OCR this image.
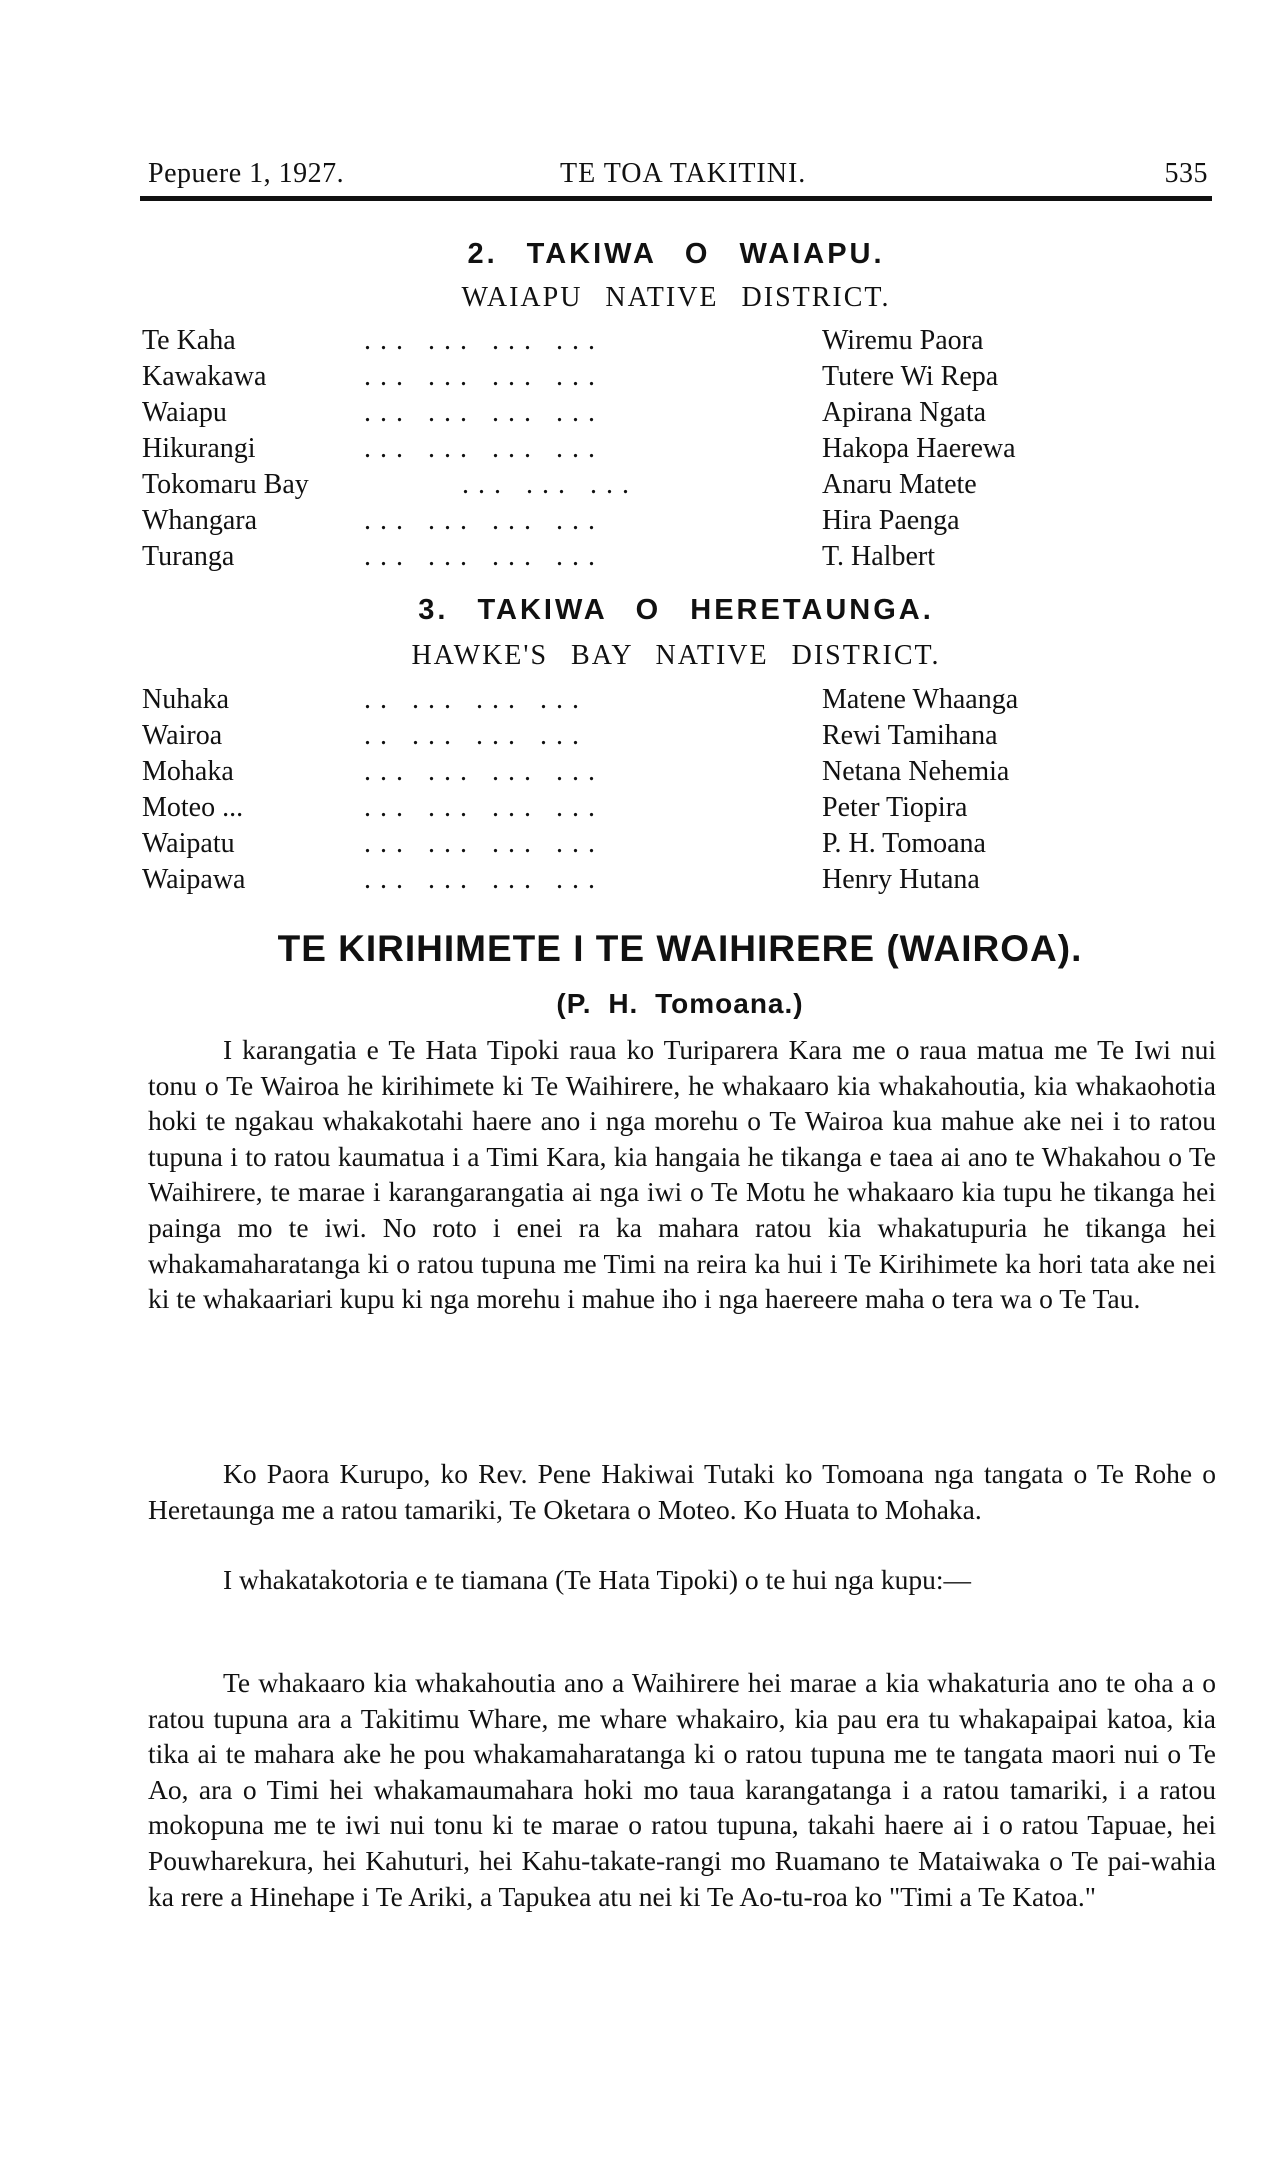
Pepuere 1, 1927.	TE TOA TAKITINI.	535
2. TAKIWA O WAIAPU.
WAIAPU NATIVE DISTRICT.
Te Kaha	... ... ... ...	Wiremu Paora
Kawakawa	... ... ... ...	Tutere Wi Repa
Waiapu	... ... ... ...	Apirana Ngata
Hikurangi	... ... ... ...	Hakopa Haerewa
Tokomaru Bay	... ... ...	Anaru Matete
Whangara	... ... ... ...	Hira Paenga
Turanga	... ... ... ...	T. Halbert
3. TAKIWA O HERETAUNGA.
HAWKE'S BAY NATIVE DISTRICT.
Nuhaka	.. ... ... ...	Matene Whaanga
Wairoa	.. ... ... ...	Rewi Tamihana
Mohaka	... ... ... ...	Netana Nehemia
Moteo ...	... ... ... ...	Peter Tiopira
Waipatu	... ... ... ...	P. H. Tomoana
Waipawa	... ... ... ...	Henry Hutana
TE KIRIHIMETE I TE WAIHIRERE (WAIROA).
(P. H. Tomoana.)

I karangatia e Te Hata Tipoki raua ko Turiparera Kara me o raua matua me Te Iwi nui tonu o Te Wairoa he kirihimete ki Te Waihirere, he whakaaro kia whakahoutia, kia whakaohotia hoki te ngakau whakakotahi haere ano i nga morehu o Te Wairoa kua mahue ake nei i to ratou tupuna i to ratou kaumatua i a Timi Kara, kia hangaia he tikanga e taea ai ano te Whakahou o Te Waihirere, te marae i karangarangatia ai nga iwi o Te Motu he whakaaro kia tupu he tikanga hei painga mo te iwi. No roto i enei ra ka mahara ratou kia whakatupuria he tikanga hei whakamaharatanga ki o ratou tupuna me Timi na reira ka hui i Te Kirihimete ka hori tata ake nei ki te whakaariari kupu ki nga morehu i mahue iho i nga haereere maha o tera wa o Te Tau.

Ko Paora Kurupo, ko Rev. Pene Hakiwai Tutaki ko Tomoana nga tangata o Te Rohe o Heretaunga me a ratou tamariki, Te Oketara o Moteo. Ko Huata to Mohaka.

I whakatakotoria e te tiamana (Te Hata Tipoki) o te hui nga kupu:—

Te whakaaro kia whakahoutia ano a Waihirere hei marae a kia whakaturia ano te oha a o ratou tupuna ara a Takitimu Whare, me whare whakairo, kia pau era tu whakapaipai katoa, kia tika ai te mahara ake he pou whakamaharatanga ki o ratou tupuna me te tangata maori nui o Te Ao, ara o Timi hei whakamaumahara hoki mo taua karangatanga i a ratou tamariki, i a ratou mokopuna me te iwi nui tonu ki te marae o ratou tupuna, takahi haere ai i o ratou Tapuae, hei Pouwharekura, hei Kahuturi, hei Kahu-takate-rangi mo Ruamano te Mataiwaka o Te pai-wahia ka rere a Hinehape i Te Ariki, a Tapukea atu nei ki Te Ao-tu-roa ko "Timi a Te Katoa."
